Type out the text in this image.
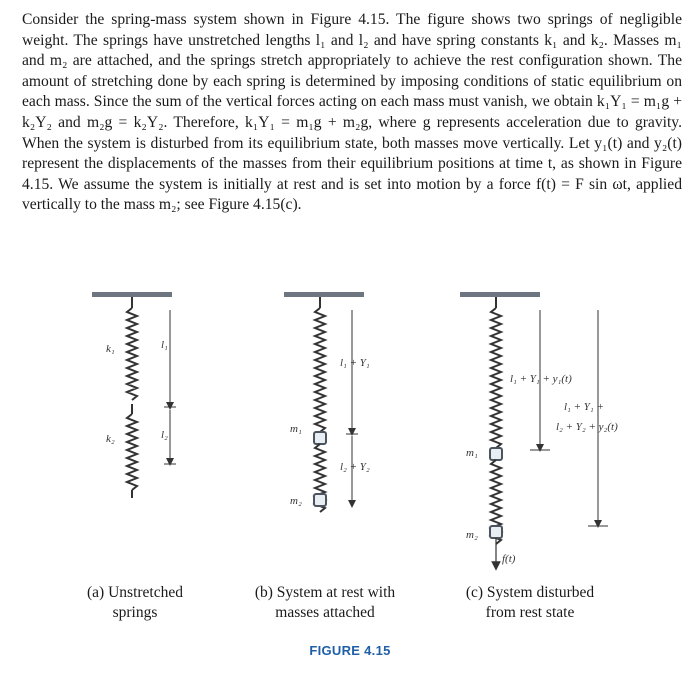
Consider the spring-mass system shown in Figure 4.15. The figure shows two springs of negligible weight. The springs have unstretched lengths l₁ and l₂ and have spring constants k₁ and k₂. Masses m₁ and m₂ are attached, and the springs stretch appropriately to achieve the rest configuration shown. The amount of stretching done by each spring is determined by imposing conditions of static equilibrium on each mass. Since the sum of the vertical forces acting on each mass must vanish, we obtain k₁Y₁ = m₁g + k₂Y₂ and m₂g = k₂Y₂. Therefore, k₁Y₁ = m₁g + m₂g, where g represents acceleration due to gravity. When the system is disturbed from its equilibrium state, both masses move vertically. Let y₁(t) and y₂(t) represent the displacements of the masses from their equilibrium positions at time t, as shown in Figure 4.15. We assume the system is initially at rest and is set into motion by a force f(t) = F sin ωt, applied vertically to the mass m₂; see Figure 4.15(c).
k₁
k₂
l₁
l₂
l₁ + Y₁
m₁
l₂ + Y₂
m₂
l₁ + Y₁ + y₁(t)
l₁ + Y₁ +
l₂ + Y₂ + y₂(t)
m₁
m₂
f(t)
(a) Unstretched
springs
(b) System at rest with
masses attached
(c) System disturbed
from rest state
FIGURE 4.15
